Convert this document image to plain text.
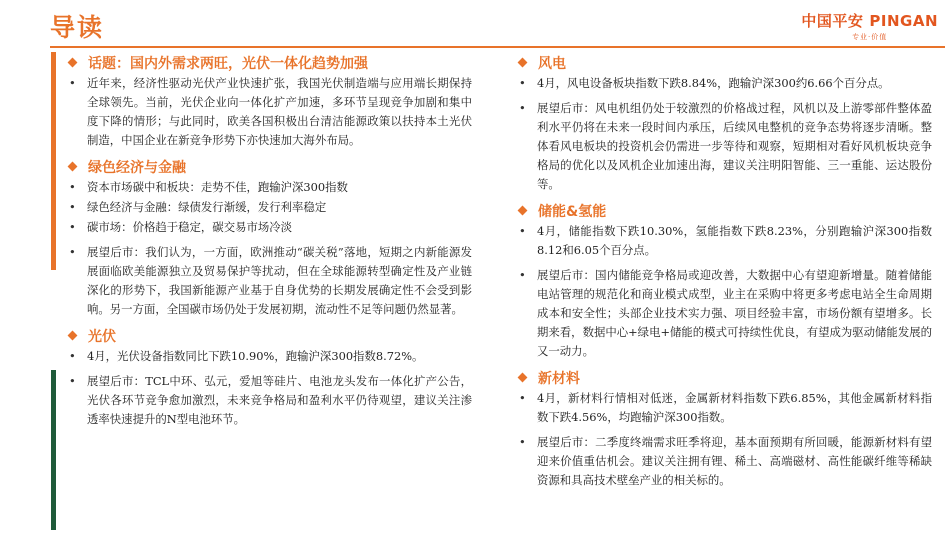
导读	中国平安 PINGAN
专业·价值
话题：国内外需求两旺，光伏一体化趋势加强
• 近年来，经济性驱动光伏产业快速扩张，我国光伏制造端与应用端长期保持全球领先。当前，光伏企业向一体化扩产加速，多环节呈现竞争加剧和集中度下降的情形；与此同时，欧美各国积极出台清洁能源政策以扶持本土光伏制造，中国企业在新竞争形势下亦快速加大海外布局。
绿色经济与金融
• 资本市场碳中和板块：走势不佳，跑输沪深300指数
• 绿色经济与金融：绿债发行渐缓，发行利率稳定
• 碳市场：价格趋于稳定，碳交易市场冷淡
• 展望后市：我们认为，一方面，欧洲推动“碳关税”落地，短期之内新能源发展面临欧美能源独立及贸易保护等扰动，但在全球能源转型确定性及产业链深化的形势下，我国新能源产业基于自身优势的长期发展确定性不会受到影响。另一方面，全国碳市场仍处于发展初期，流动性不足等问题仍然显著。
光伏
• 4月，光伏设备指数同比下跌10.90%，跑输沪深300指数8.72%。
• 展望后市：TCL中环、弘元，爱旭等硅片、电池龙头发布一体化扩产公告，光伏各环节竞争愈加激烈，未来竞争格局和盈利水平仍待观望，建议关注渗透率快速提升的N型电池环节。
风电
• 4月，风电设备板块指数下跌8.84%，跑输沪深300约6.66个百分点。
• 展望后市：风电机组仍处于较激烈的价格战过程，风机以及上游零部件整体盈利水平仍将在未来一段时间内承压，后续风电整机的竞争态势将逐步清晰。整体看风电板块的投资机会仍需进一步等待和观察，短期相对看好风机板块竞争格局的优化以及风机企业加速出海，建议关注明阳智能、三一重能、运达股份等。
储能&氢能
• 4月，储能指数下跌10.30%，氢能指数下跌8.23%，分别跑输沪深300指数8.12和6.05个百分点。
• 展望后市：国内储能竞争格局或迎改善，大数据中心有望迎新增量。随着储能电站管理的规范化和商业模式成型，业主在采购中将更多考虑电站全生命周期成本和安全性；头部企业技术实力强、项目经验丰富，市场份额有望增多。长期来看，数据中心+绿电+储能的模式可持续性优良，有望成为驱动储能发展的又一动力。
新材料
• 4月，新材料行情相对低迷，金属新材料指数下跌6.85%，其他金属新材料指数下跌4.56%，均跑输沪深300指数。
• 展望后市：二季度终端需求旺季将迎，基本面预期有所回暖，能源新材料有望迎来价值重估机会。建议关注拥有锂、稀土、高端磁材、高性能碳纤维等稀缺资源和具高技术壁垒产业的相关标的。
